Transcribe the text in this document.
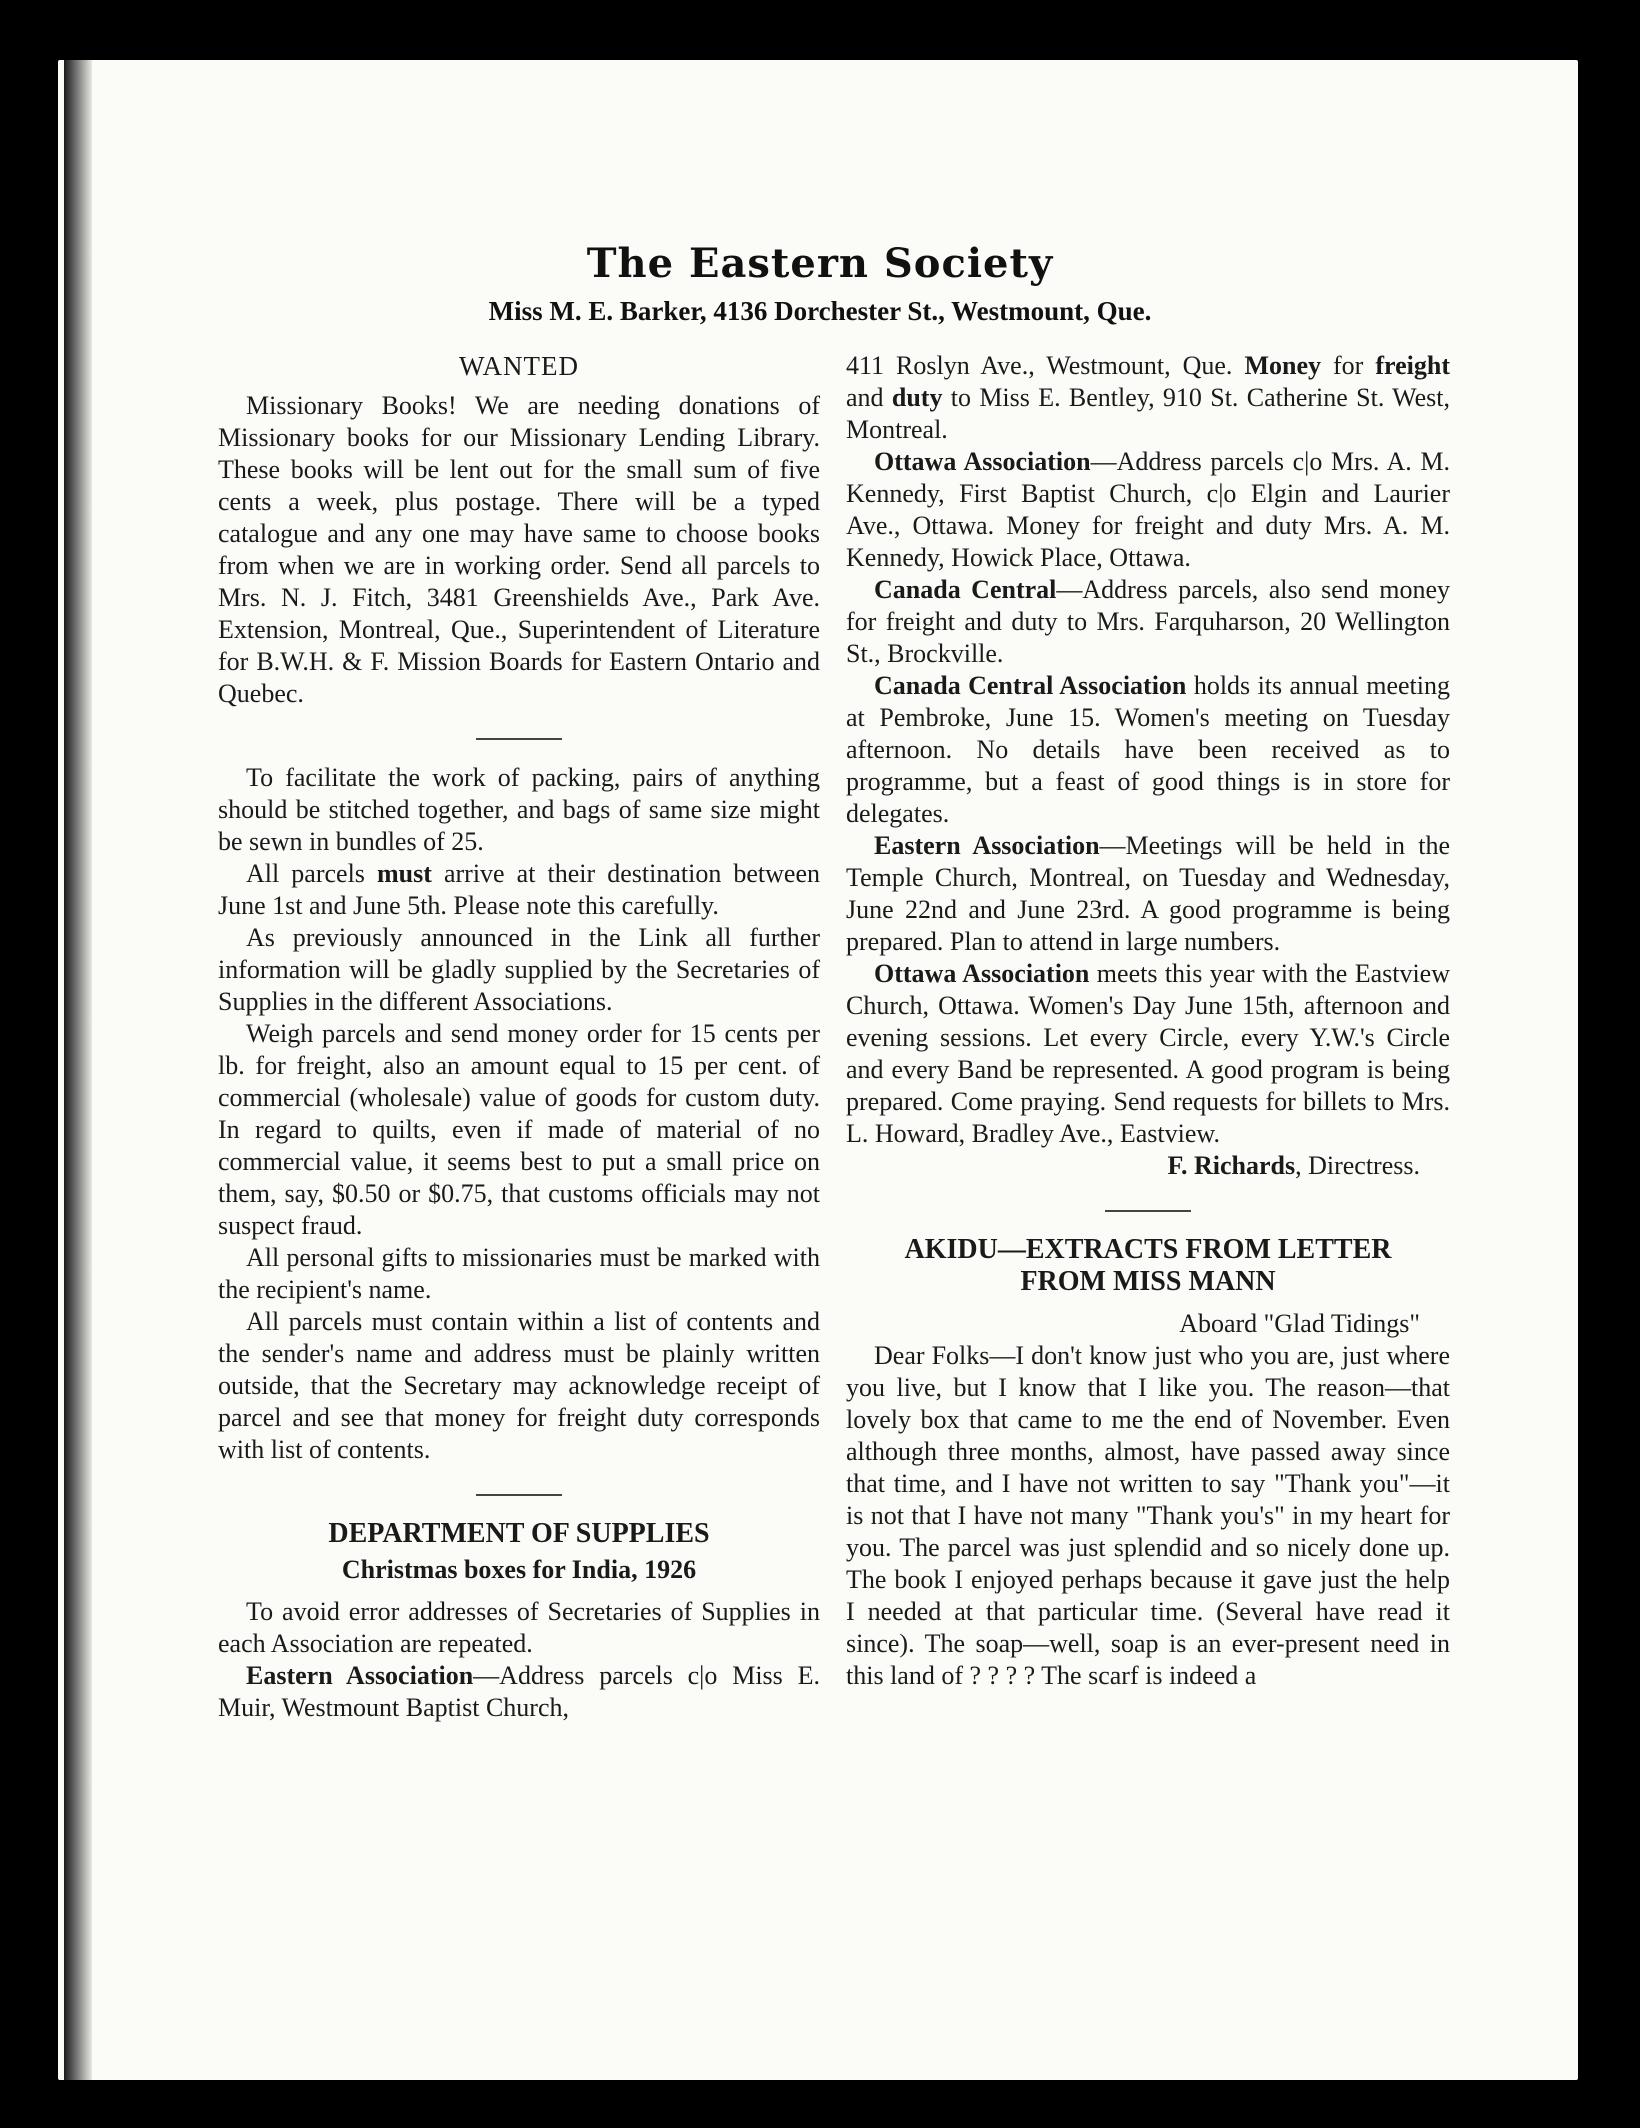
The Eastern Society
Miss M. E. Barker, 4136 Dorchester St., Westmount, Que.
WANTED

Missionary Books! We are needing donations of Missionary books for our Missionary Lending Library. These books will be lent out for the small sum of five cents a week, plus postage. There will be a typed catalogue and any one may have same to choose books from when we are in working order. Send all parcels to Mrs. N. J. Fitch, 3481 Greenshields Ave., Park Ave. Extension, Montreal, Que., Superintendent of Literature for B.W.H. & F. Mission Boards for Eastern Ontario and Quebec.

To facilitate the work of packing, pairs of anything should be stitched together, and bags of same size might be sewn in bundles of 25.

All parcels must arrive at their destination between June 1st and June 5th. Please note this carefully.

As previously announced in the Link all further information will be gladly supplied by the Secretaries of Supplies in the different Associations.

Weigh parcels and send money order for 15 cents per lb. for freight, also an amount equal to 15 per cent. of commercial (wholesale) value of goods for custom duty. In regard to quilts, even if made of material of no commercial value, it seems best to put a small price on them, say, $0.50 or $0.75, that customs officials may not suspect fraud.

All personal gifts to missionaries must be marked with the recipient's name.

All parcels must contain within a list of contents and the sender's name and address must be plainly written outside, that the Secretary may acknowledge receipt of parcel and see that money for freight duty corresponds with list of contents.

DEPARTMENT OF SUPPLIES
Christmas boxes for India, 1926

To avoid error addresses of Secretaries of Supplies in each Association are repeated.

Eastern Association—Address parcels c|o Miss E. Muir, Westmount Baptist Church,

411 Roslyn Ave., Westmount, Que. Money for freight and duty to Miss E. Bentley, 910 St. Catherine St. West, Montreal.

Ottawa Association—Address parcels c|o Mrs. A. M. Kennedy, First Baptist Church, c|o Elgin and Laurier Ave., Ottawa. Money for freight and duty Mrs. A. M. Kennedy, Howick Place, Ottawa.

Canada Central—Address parcels, also send money for freight and duty to Mrs. Farquharson, 20 Wellington St., Brockville.

Canada Central Association holds its annual meeting at Pembroke, June 15. Women's meeting on Tuesday afternoon. No details have been received as to programme, but a feast of good things is in store for delegates.

Eastern Association—Meetings will be held in the Temple Church, Montreal, on Tuesday and Wednesday, June 22nd and June 23rd. A good programme is being prepared. Plan to attend in large numbers.

Ottawa Association meets this year with the Eastview Church, Ottawa. Women's Day June 15th, afternoon and evening sessions. Let every Circle, every Y.W.'s Circle and every Band be represented. A good program is being prepared. Come praying. Send requests for billets to Mrs. L. Howard, Bradley Ave., Eastview.

F. Richards, Directress.

AKIDU—EXTRACTS FROM LETTER FROM MISS MANN

Aboard "Glad Tidings"

Dear Folks—I don't know just who you are, just where you live, but I know that I like you. The reason—that lovely box that came to me the end of November. Even although three months, almost, have passed away since that time, and I have not written to say "Thank you"—it is not that I have not many "Thank you's" in my heart for you. The parcel was just splendid and so nicely done up. The book I enjoyed perhaps because it gave just the help I needed at that particular time. (Several have read it since). The soap—well, soap is an ever-present need in this land of ? ? ? ? The scarf is indeed a
